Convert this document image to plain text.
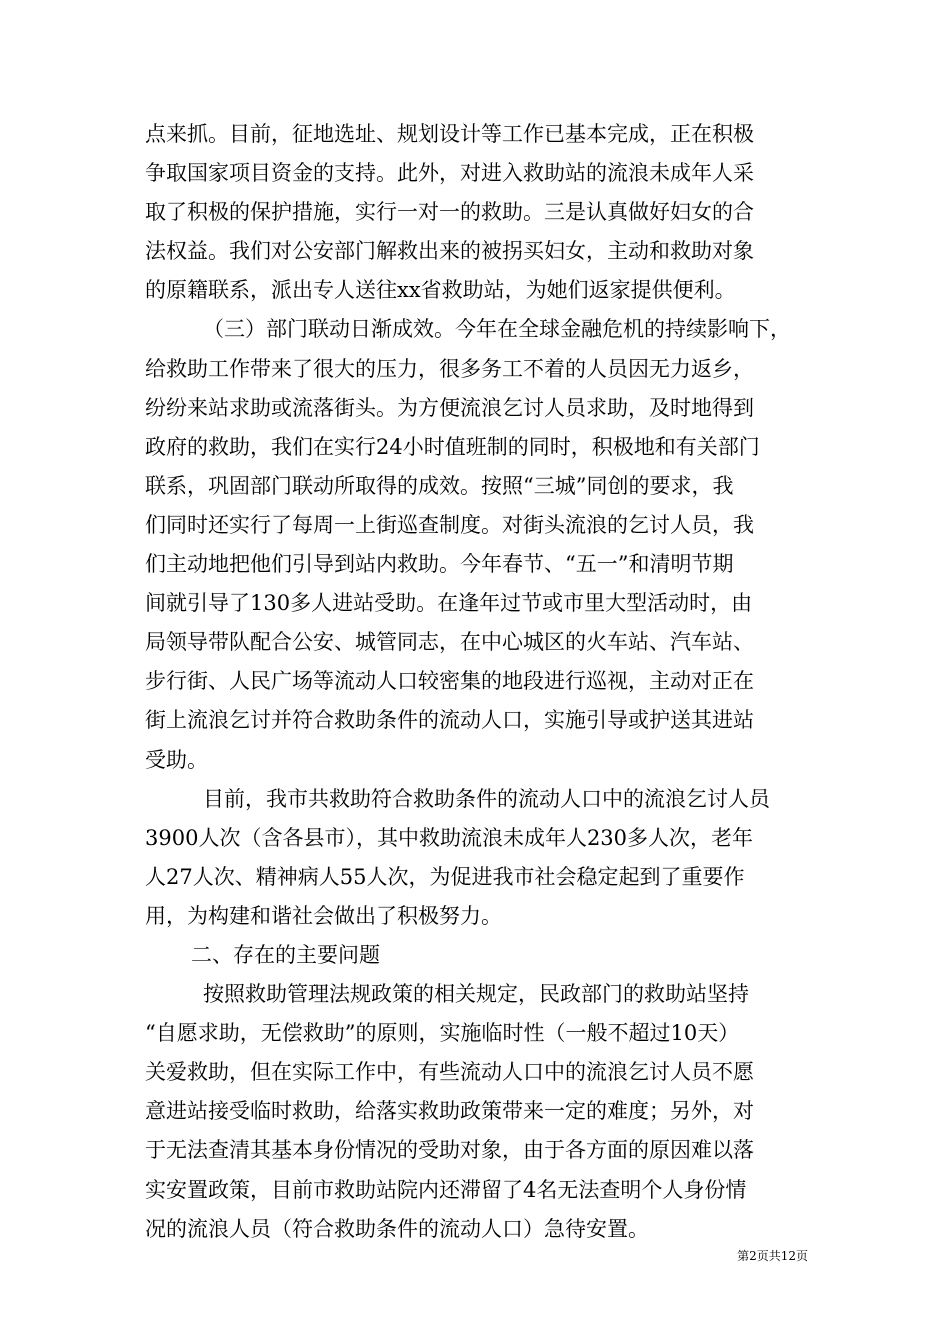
点来抓。目前，征地选址、规划设计等工作已基本完成，正在积极
争取国家项目资金的支持。此外，对进入救助站的流浪未成年人采
取了积极的保护措施，实行一对一的救助。三是认真做好妇女的合
法权益。我们对公安部门解救出来的被拐买妇女，主动和救助对象
的原籍联系，派出专人送往xx省救助站，为她们返家提供便利。
（三）部门联动日渐成效。今年在全球金融危机的持续影响下，
给救助工作带来了很大的压力，很多务工不着的人员因无力返乡，
纷纷来站求助或流落街头。为方便流浪乞讨人员求助，及时地得到
政府的救助，我们在实行24小时值班制的同时，积极地和有关部门
联系，巩固部门联动所取得的成效。按照“三城”同创的要求，我
们同时还实行了每周一上街巡查制度。对街头流浪的乞讨人员，我
们主动地把他们引导到站内救助。今年春节、“五一”和清明节期
间就引导了130多人进站受助。在逢年过节或市里大型活动时，由
局领导带队配合公安、城管同志，在中心城区的火车站、汽车站、
步行街、人民广场等流动人口较密集的地段进行巡视，主动对正在
街上流浪乞讨并符合救助条件的流动人口，实施引导或护送其进站
受助。
目前，我市共救助符合救助条件的流动人口中的流浪乞讨人员
3900人次（含各县市），其中救助流浪未成年人230多人次，老年
人27人次、精神病人55人次，为促进我市社会稳定起到了重要作
用，为构建和谐社会做出了积极努力。
二、存在的主要问题
按照救助管理法规政策的相关规定，民政部门的救助站坚持
“自愿求助，无偿救助”的原则，实施临时性（一般不超过10天）
关爱救助，但在实际工作中，有些流动人口中的流浪乞讨人员不愿
意进站接受临时救助，给落实救助政策带来一定的难度；另外，对
于无法查清其基本身份情况的受助对象，由于各方面的原因难以落
实安置政策，目前市救助站院内还滞留了4名无法查明个人身份情
况的流浪人员（符合救助条件的流动人口）急待安置。
第2页共12页
